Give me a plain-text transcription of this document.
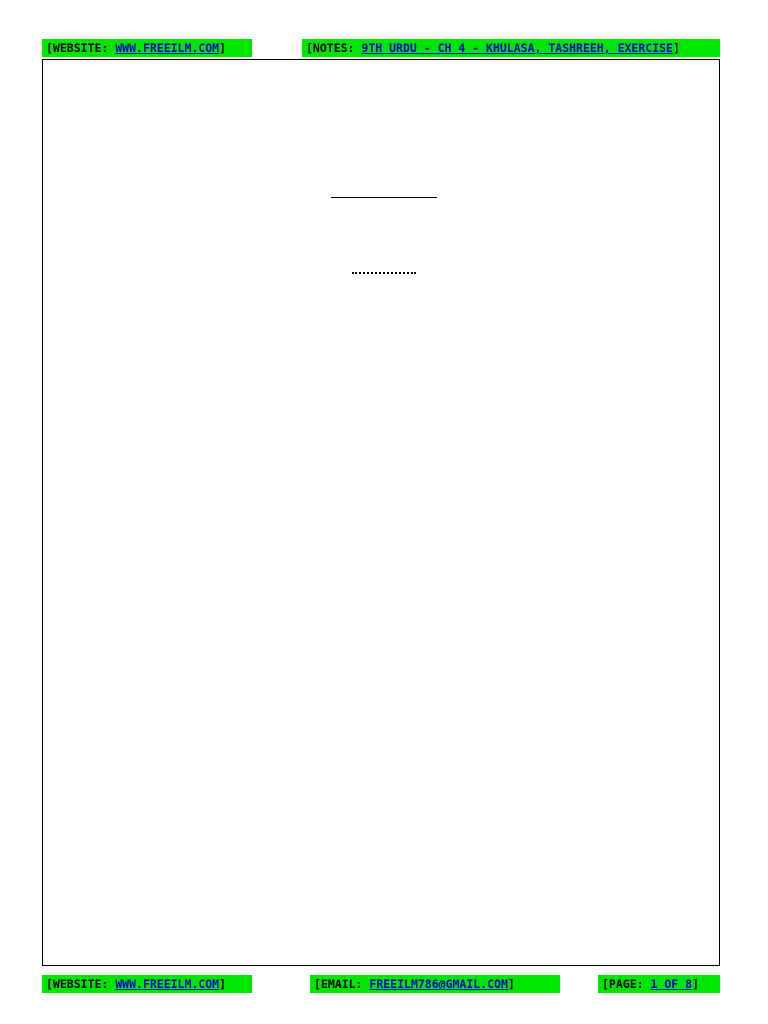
[WEBSITE: WWW.FREEILM.COM]	[NOTES: 9TH URDU - CH 4 - KHULASA, TASHREEH, EXERCISE]

[WEBSITE: WWW.FREEILM.COM]	[EMAIL: FREEILM786@GMAIL.COM]	[PAGE: 1 OF 8]
